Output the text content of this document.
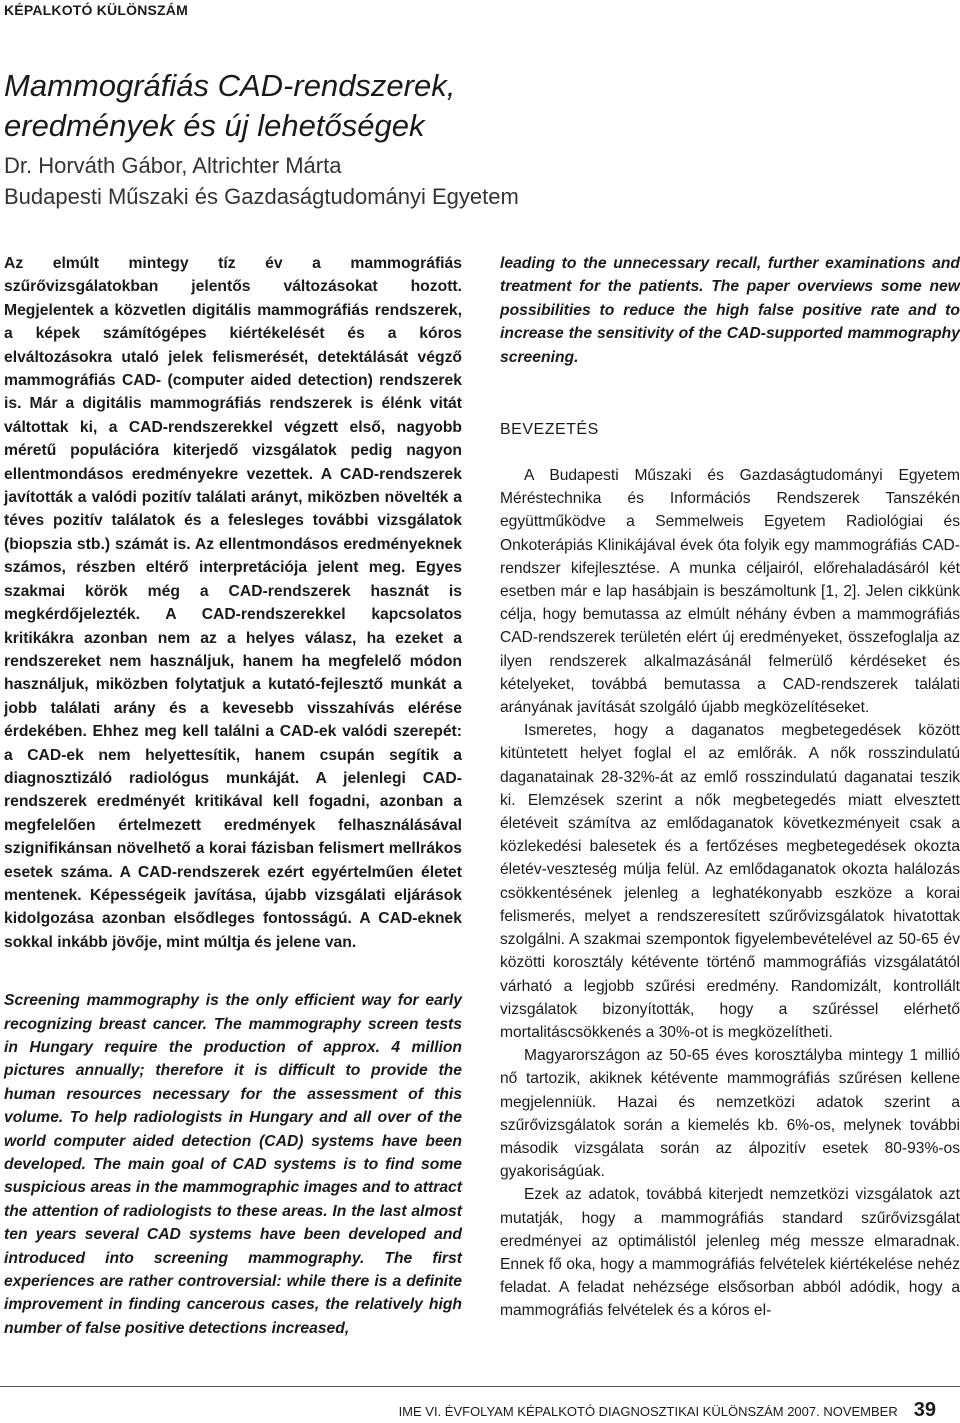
KÉPALKOTÓ KÜLÖNSZÁM
Mammográfiás CAD-rendszerek,
eredmények és új lehetőségek
Dr. Horváth Gábor, Altrichter Márta
Budapesti Műszaki és Gazdaságtudományi Egyetem

Az elmúlt mintegy tíz év a mammográfiás szűrővizsgálatokban jelentős változásokat hozott. Megjelentek a közvetlen digitális mammográfiás rendszerek, a képek számítógépes kiértékelését és a kóros elváltozásokra utaló jelek felismerését, detektálását végző mammográfiás CAD- (computer aided detection) rendszerek is. Már a digitális mammográfiás rendszerek is élénk vitát váltottak ki, a CAD-rendszerekkel végzett első, nagyobb méretű populációra kiterjedő vizsgálatok pedig nagyon ellentmondásos eredményekre vezettek. A CAD-rendszerek javították a valódi pozitív találati arányt, miközben növelték a téves pozitív találatok és a felesleges további vizsgálatok (biopszia stb.) számát is. Az ellentmondásos eredményeknek számos, részben eltérő interpretációja jelent meg. Egyes szakmai körök még a CAD-rendszerek hasznát is megkérdőjelezték. A CAD-rendszerekkel kapcsolatos kritikákra azonban nem az a helyes válasz, ha ezeket a rendszereket nem használjuk, hanem ha megfelelő módon használjuk, miközben folytatjuk a kutató-fejlesztő munkát a jobb találati arány és a kevesebb visszahívás elérése érdekében. Ehhez meg kell találni a CAD-ek valódi szerepét: a CAD-ek nem helyettesítik, hanem csupán segítik a diagnosztizáló radiológus munkáját. A jelenlegi CAD-rendszerek eredményét kritikával kell fogadni, azonban a megfelelően értelmezett eredmények felhasználásával szignifikánsan növelhető a korai fázisban felismert mellrákos esetek száma. A CAD-rendszerek ezért egyértelműen életet mentenek. Képességeik javítása, újabb vizsgálati eljárások kidolgozása azonban elsődleges fontosságú. A CAD-eknek sokkal inkább jövője, mint múltja és jelene van.

Screening mammography is the only efficient way for early recognizing breast cancer. The mammography screen tests in Hungary require the production of approx. 4 million pictures annually; therefore it is difficult to provide the human resources necessary for the assessment of this volume. To help radiologists in Hungary and all over of the world computer aided detection (CAD) systems have been developed. The main goal of CAD systems is to find some suspicious areas in the mammographic images and to attract the attention of radiologists to these areas. In the last almost ten years several CAD systems have been developed and introduced into screening mammography. The first experiences are rather controversial: while there is a definite improvement in finding cancerous cases, the relatively high number of false positive detections increased,

leading to the unnecessary recall, further examinations and treatment for the patients. The paper overviews some new possibilities to reduce the high false positive rate and to increase the sensitivity of the CAD-supported mammography screening.

BEVEZETÉS

A Budapesti Műszaki és Gazdaságtudományi Egyetem Méréstechnika és Információs Rendszerek Tanszékén együttműködve a Semmelweis Egyetem Radiológiai és Onkoterápiás Klinikájával évek óta folyik egy mammográfiás CAD-rendszer kifejlesztése. A munka céljairól, előrehaladásáról két esetben már e lap hasábjain is beszámoltunk [1, 2]. Jelen cikkünk célja, hogy bemutassa az elmúlt néhány évben a mammográfiás CAD-rendszerek területén elért új eredményeket, összefoglalja az ilyen rendszerek alkalmazásánál felmerülő kérdéseket és kételyeket, továbbá bemutassa a CAD-rendszerek találati arányának javítását szolgáló újabb megközelítéseket.

Ismeretes, hogy a daganatos megbetegedések között kitüntetett helyet foglal el az emlőrák. A nők rosszindulatú daganatainak 28-32%-át az emlő rosszindulatú daganatai teszik ki. Elemzések szerint a nők megbetegedés miatt elvesztett életéveit számítva az emlődaganatok következményeit csak a közlekedési balesetek és a fertőzéses megbetegedések okozta életév-veszteség múlja felül. Az emlődaganatok okozta halálozás csökkentésének jelenleg a leghatékonyabb eszköze a korai felismerés, melyet a rendszeresített szűrővizsgálatok hivatottak szolgálni. A szakmai szempontok figyelembevételével az 50-65 év közötti korosztály kétévente történő mammográfiás vizsgálatától várható a legjobb szűrési eredmény. Randomizált, kontrollált vizsgálatok bizonyították, hogy a szűréssel elérhető mortalitáscsökkenés a 30%-ot is megközelítheti.

Magyarországon az 50-65 éves korosztályba mintegy 1 millió nő tartozik, akiknek kétévente mammográfiás szűrésen kellene megjelenniük. Hazai és nemzetközi adatok szerint a szűrővizsgálatok során a kiemelés kb. 6%-os, melynek további második vizsgálata során az álpozitív esetek 80-93%-os gyakoriságúak.

Ezek az adatok, továbbá kiterjedt nemzetközi vizsgálatok azt mutatják, hogy a mammográfiás standard szűrővizsgálat eredményei az optimálistól jelenleg még messze elmaradnak. Ennek fő oka, hogy a mammográfiás felvételek kiértékelése nehéz feladat. A feladat nehézsége elsősorban abból adódik, hogy a mammográfiás felvételek és a kóros el-

IME VI. ÉVFOLYAM KÉPALKOTÓ DIAGNOSZTIKAI KÜLÖNSZÁM 2007. NOVEMBER 39
